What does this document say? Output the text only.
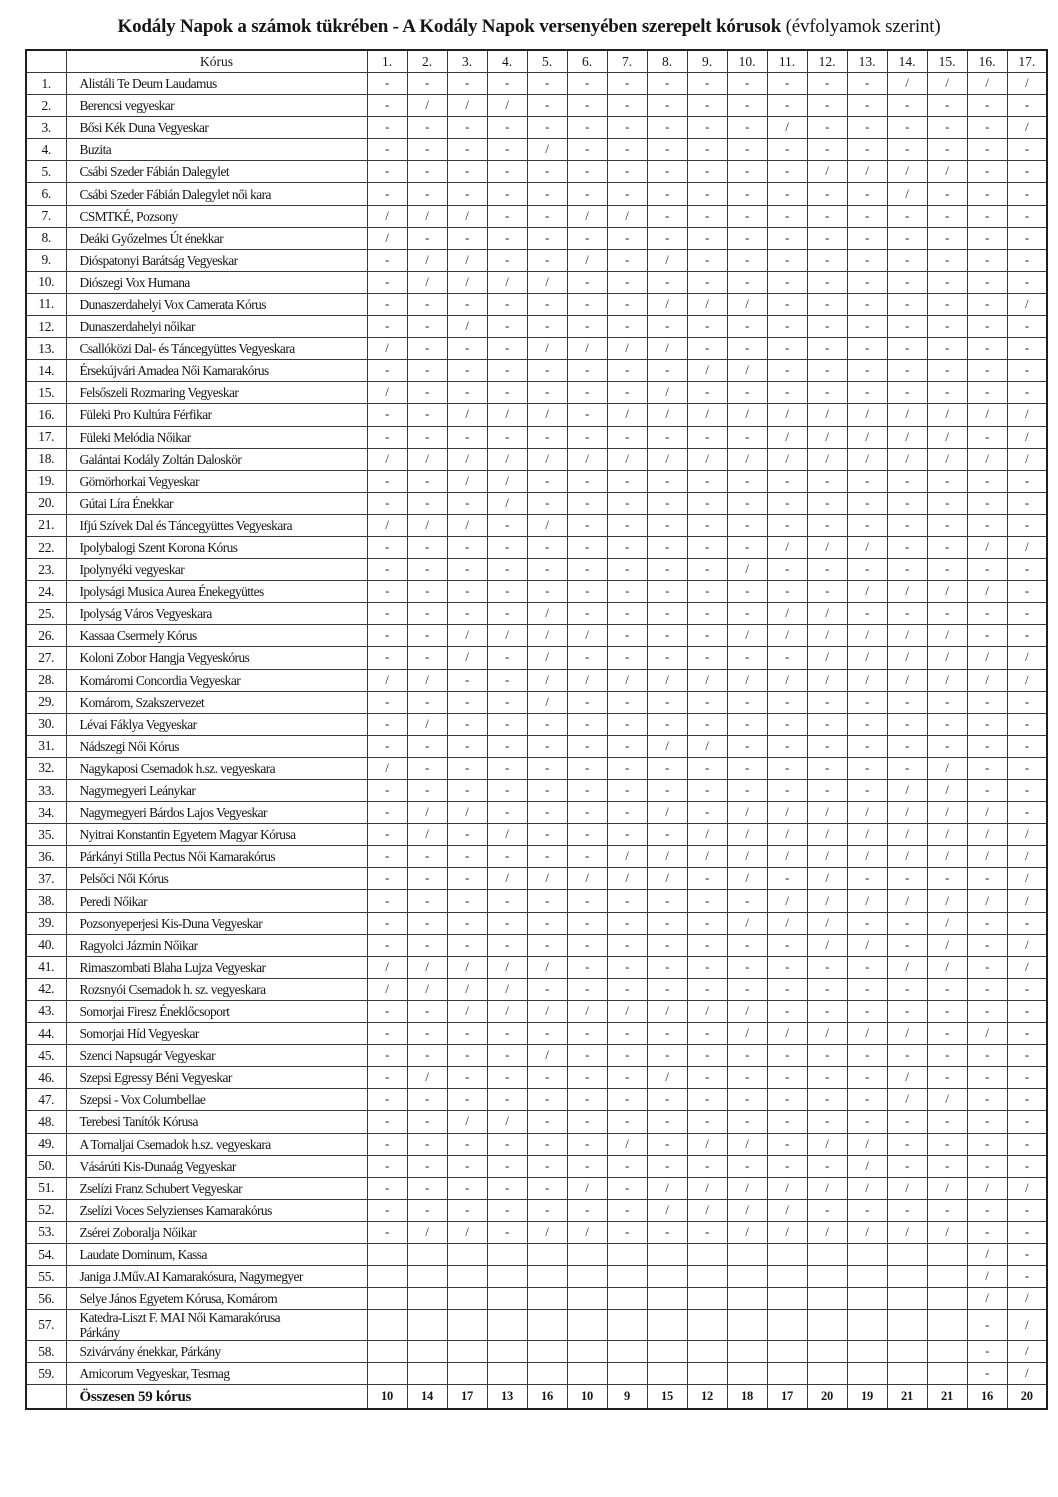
Kodály Napok a számok tükrében - A Kodály Napok versenyében szerepelt kórusok (évfolyamok szerint)
	Kórus	1.	2.	3.	4.	5.	6.	7.	8.	9.	10.	11.	12.	13.	14.	15.	16.	17.
1.	Alistáli Te Deum Laudamus	-	-	-	-	-	-	-	-	-	-	-	-	-	/	/	/	/
2.	Berencsi vegyeskar	-	/	/	/	-	-	-	-	-	-	-	-	-	-	-	-	-
3.	Bősi Kék Duna Vegyeskar	-	-	-	-	-	-	-	-	-	-	/	-	-	-	-	-	/
4.	Buzita	-	-	-	-	/	-	-	-	-	-	-	-	-	-	-	-	-
5.	Csábi Szeder Fábián Dalegylet	-	-	-	-	-	-	-	-	-	-	-	/	/	/	/	-	-
6.	Csábi Szeder Fábián Dalegylet női kara	-	-	-	-	-	-	-	-	-	-	-	-	-	/	-	-	-
7.	CSMTKÉ, Pozsony	/	/	/	-	-	/	/	-	-	-	-	-	-	-	-	-	-
8.	Deáki Győzelmes Út énekkar	/	-	-	-	-	-	-	-	-	-	-	-	-	-	-	-	-
9.	Dióspatonyi Barátság Vegyeskar	-	/	/	-	-	/	-	/	-	-	-	-	-	-	-	-	-
10.	Diószegi Vox Humana	-	/	/	/	/	-	-	-	-	-	-	-	-	-	-	-	-
11.	Dunaszerdahelyi Vox Camerata Kórus	-	-	-	-	-	-	-	/	/	/	-	-	-	-	-	-	/
12.	Dunaszerdahelyi nőikar	-	-	/	-	-	-	-	-	-	-	-	-	-	-	-	-	-
13.	Csallóközi Dal- és Táncegyüttes Vegyeskara	/	-	-	-	/	/	/	/	-	-	-	-	-	-	-	-	-
14.	Érsekújvári Amadea Női Kamarakórus	-	-	-	-	-	-	-	-	/	/	-	-	-	-	-	-	-
15.	Felsőszeli Rozmaring Vegyeskar	/	-	-	-	-	-	-	/	-	-	-	-	-	-	-	-	-
16.	Füleki Pro Kultúra Férfikar	-	-	/	/	/	-	/	/	/	/	/	/	/	/	/	/	/
17.	Füleki Melódia Nőikar	-	-	-	-	-	-	-	-	-	-	/	/	/	/	/	-	/
18.	Galántai Kodály Zoltán Daloskör	/	/	/	/	/	/	/	/	/	/	/	/	/	/	/	/	/
19.	Gömörhorkai Vegyeskar	-	-	/	/	-	-	-	-	-	-	-	-	-	-	-	-	-
20.	Gútai Líra Énekkar	-	-	-	/	-	-	-	-	-	-	-	-	-	-	-	-	-
21.	Ifjú Szívek Dal és Táncegyüttes Vegyeskara	/	/	/	-	/	-	-	-	-	-	-	-	-	-	-	-	-
22.	Ipolybalogi Szent Korona Kórus	-	-	-	-	-	-	-	-	-	-	/	/	/	-	-	/	/
23.	Ipolynyéki vegyeskar	-	-	-	-	-	-	-	-	-	/	-	-	-	-	-	-	-
24.	Ipolysági Musica Aurea Énekegyüttes	-	-	-	-	-	-	-	-	-	-	-	-	/	/	/	/	-
25.	Ipolyság Város Vegyeskara	-	-	-	-	/	-	-	-	-	-	/	/	-	-	-	-	-
26.	Kassaa Csermely Kórus	-	-	/	/	/	/	-	-	-	/	/	/	/	/	/	-	-
27.	Koloni Zobor Hangja Vegyeskórus	-	-	/	-	/	-	-	-	-	-	-	/	/	/	/	/	/
28.	Komáromi Concordia Vegyeskar	/	/	-	-	/	/	/	/	/	/	/	/	/	/	/	/	/
29.	Komárom, Szakszervezet	-	-	-	-	/	-	-	-	-	-	-	-	-	-	-	-	-
30.	Lévai Fáklya Vegyeskar	-	/	-	-	-	-	-	-	-	-	-	-	-	-	-	-	-
31.	Nádszegi Női Kórus	-	-	-	-	-	-	-	/	/	-	-	-	-	-	-	-	-
32.	Nagykaposi Csemadok h.sz. vegyeskara	/	-	-	-	-	-	-	-	-	-	-	-	-	-	/	-	-
33.	Nagymegyeri Leánykar	-	-	-	-	-	-	-	-	-	-	-	-	-	/	/	-	-
34.	Nagymegyeri Bárdos Lajos Vegyeskar	-	/	/	-	-	-	-	/	-	/	/	/	/	/	/	/	-
35.	Nyitrai Konstantin Egyetem Magyar Kórusa	-	/	-	/	-	-	-	-	/	/	/	/	/	/	/	/	/
36.	Párkányi Stilla Pectus Női Kamarakórus	-	-	-	-	-	-	/	/	/	/	/	/	/	/	/	/	/
37.	Pelsőci Női Kórus	-	-	-	/	/	/	/	/	-	/	-	/	-	-	-	-	/
38.	Peredi Nőikar	-	-	-	-	-	-	-	-	-	-	/	/	/	/	/	/	/
39.	Pozsonyeperjesi Kis-Duna Vegyeskar	-	-	-	-	-	-	-	-	-	/	/	/	-	-	/	-	-
40.	Ragyolci Jázmin Nőikar	-	-	-	-	-	-	-	-	-	-	-	/	/	-	/	-	/
41.	Rimaszombati Blaha Lujza Vegyeskar	/	/	/	/	/	-	-	-	-	-	-	-	-	/	/	-	/
42.	Rozsnyói Csemadok h. sz. vegyeskara	/	/	/	/	-	-	-	-	-	-	-	-	-	-	-	-	-
43.	Somorjai Firesz Éneklőcsoport	-	-	/	/	/	/	/	/	/	/	-	-	-	-	-	-	-
44.	Somorjai Híd Vegyeskar	-	-	-	-	-	-	-	-	-	/	/	/	/	/	-	/	-
45.	Szenci Napsugár Vegyeskar	-	-	-	-	/	-	-	-	-	-	-	-	-	-	-	-	-
46.	Szepsi Egressy Béni Vegyeskar	-	/	-	-	-	-	-	/	-	-	-	-	-	/	-	-	-
47.	Szepsi - Vox Columbellae	-	-	-	-	-	-	-	-	-	-	-	-	-	/	/	-	-
48.	Terebesi Tanítók Kórusa	-	-	/	/	-	-	-	-	-	-	-	-	-	-	-	-	-
49.	A Tornaljai Csemadok h.sz. vegyeskara	-	-	-	-	-	-	/	-	/	/	-	/	/	-	-	-	-
50.	Vásárúti Kis-Dunaág Vegyeskar	-	-	-	-	-	-	-	-	-	-	-	-	/	-	-	-	-
51.	Zselízi Franz Schubert Vegyeskar	-	-	-	-	-	/	-	/	/	/	/	/	/	/	/	/	/
52.	Zselízi Voces Selyzienses Kamarakórus	-	-	-	-	-	-	-	/	/	/	/	-	-	-	-	-	-
53.	Zsérei Zoboralja Nőikar	-	/	/	-	/	/	-	-	-	/	/	/	/	/	/	-	-
54.	Laudate Dominum, Kassa																/	-
55.	Janiga J.Műv.AI Kamarakósura, Nagymegyer																/	-
56.	Selye János Egyetem Kórusa, Komárom																/	/
57.	Katedra-Liszt F. MAI Női Kamarakórusa
Párkány																-	/
58.	Szivárvány énekkar, Párkány																-	/
59.	Amicorum Vegyeskar, Tesmag																-	/
	Összesen 59 kórus	10	14	17	13	16	10	9	15	12	18	17	20	19	21	21	16	20
